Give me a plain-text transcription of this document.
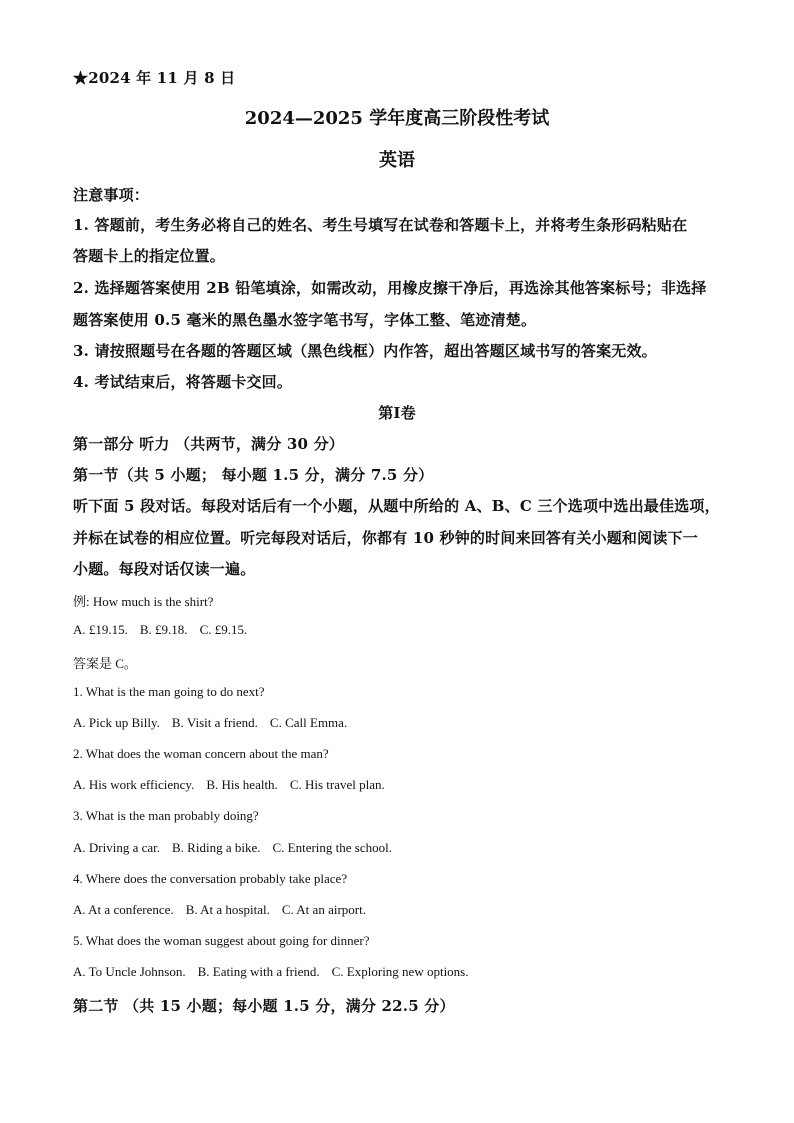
★2024 年 11 月 8 日
2024—2025 学年度高三阶段性考试
英语
注意事项：
1. 答题前，考生务必将自己的姓名、考生号填写在试卷和答题卡上，并将考生条形码粘贴在
答题卡上的指定位置。
2. 选择题答案使用 2B 铅笔填涂，如需改动，用橡皮擦干净后，再选涂其他答案标号；非选择
题答案使用 0.5 毫米的黑色墨水签字笔书写，字体工整、笔迹清楚。
3. 请按照题号在各题的答题区域（黑色线框）内作答，超出答题区域书写的答案无效。
4. 考试结束后，将答题卡交回。
第Ⅰ卷
第一部分 听力 （共两节，满分 30 分）
第一节（共 5 小题； 每小题 1.5 分，满分 7.5 分）
听下面 5 段对话。每段对话后有一个小题，从题中所给的 A、B、C 三个选项中选出最佳选项，
并标在试卷的相应位置。听完每段对话后，你都有 10 秒钟的时间来回答有关小题和阅读下一
小题。每段对话仅读一遍。
例: How much is the shirt?
A. £19.15. B. £9.18. C. £9.15.
答案是 C。
1. What is the man going to do next?
A. Pick up Billy. B. Visit a friend. C. Call Emma.
2. What does the woman concern about the man?
A. His work efficiency. B. His health. C. His travel plan.
3. What is the man probably doing?
A. Driving a car. B. Riding a bike. C. Entering the school.
4. Where does the conversation probably take place?
A. At a conference. B. At a hospital. C. At an airport.
5. What does the woman suggest about going for dinner?
A. To Uncle Johnson. B. Eating with a friend. C. Exploring new options.
第二节 （共 15 小题；每小题 1.5 分，满分 22.5 分）
